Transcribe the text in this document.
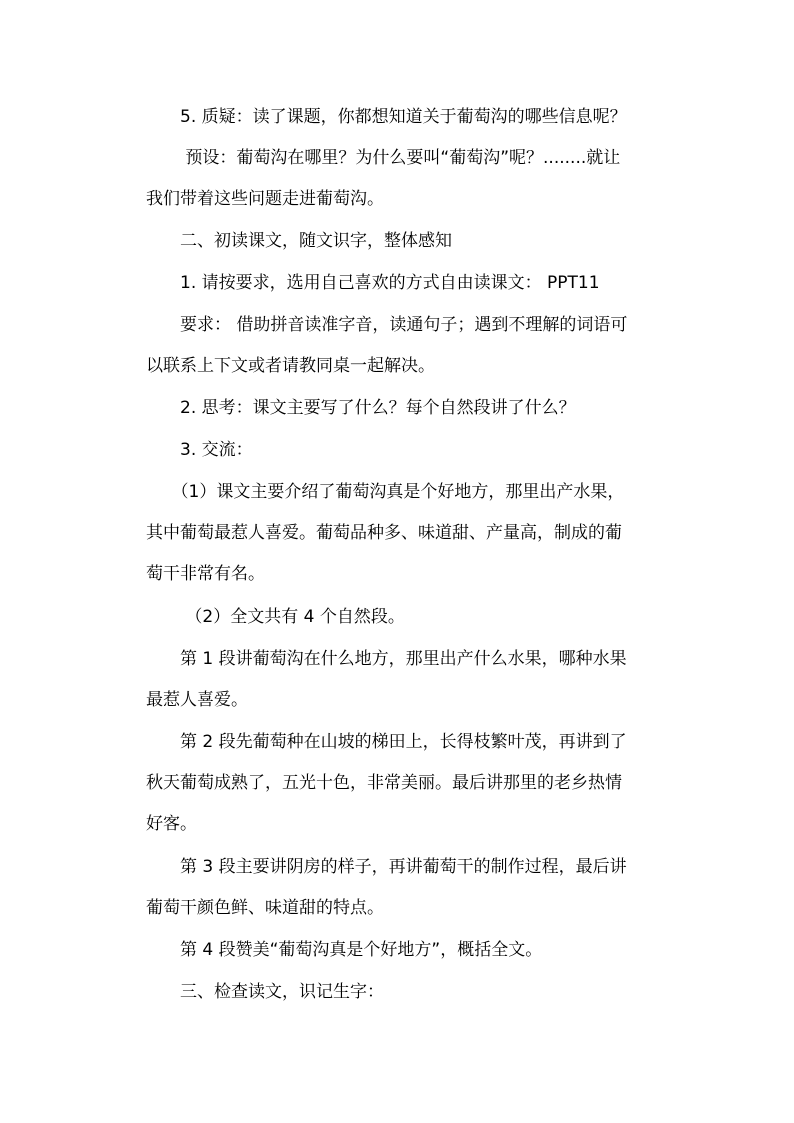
　　5. 质疑：读了课题，你都想知道关于葡萄沟的哪些信息呢？
　　 预设：葡萄沟在哪里？为什么要叫“葡萄沟”呢？........就让
我们带着这些问题走进葡萄沟。
　　二、初读课文，随文识字，整体感知
　　1. 请按要求，选用自己喜欢的方式自由读课文： PPT11
　　要求： 借助拼音读准字音，读通句子；遇到不理解的词语可
以联系上下文或者请教同桌一起解决。
　　2. 思考：课文主要写了什么？每个自然段讲了什么？
　　3. 交流：
　　（1）课文主要介绍了葡萄沟真是个好地方，那里出产水果，
其中葡萄最惹人喜爱。葡萄品种多、味道甜、产量高，制成的葡
萄干非常有名。
　　 （2）全文共有 4 个自然段。
　　第 1 段讲葡萄沟在什么地方，那里出产什么水果，哪种水果
最惹人喜爱。
　　第 2 段先葡萄种在山坡的梯田上，长得枝繁叶茂，再讲到了
秋天葡萄成熟了，五光十色，非常美丽。最后讲那里的老乡热情
好客。
　　第 3 段主要讲阴房的样子，再讲葡萄干的制作过程，最后讲
葡萄干颜色鲜、味道甜的特点。
　　第 4 段赞美“葡萄沟真是个好地方”，概括全文。
　　三、检查读文，识记生字：
